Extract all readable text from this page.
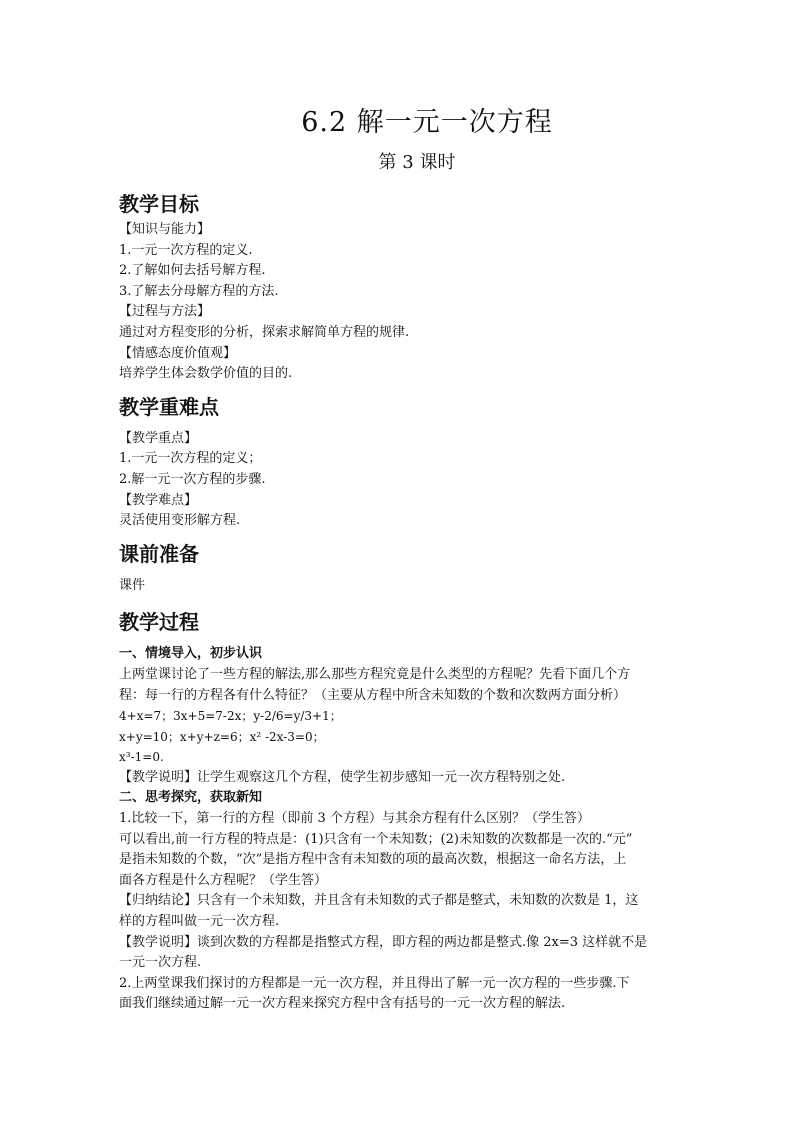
6.2 解一元一次方程
第 3 课时
教学目标
【知识与能力】
1.一元一次方程的定义.
2.了解如何去括号解方程.
3.了解去分母解方程的方法.
【过程与方法】
通过对方程变形的分析，探索求解简单方程的规律.
【情感态度价值观】
培养学生体会数学价值的目的.
教学重难点
【教学重点】
1.一元一次方程的定义；
2.解一元一次方程的步骤.
【教学难点】
灵活使用变形解方程.
课前准备
课件
教学过程
一、情境导入，初步认识
上两堂课讨论了一些方程的解法,那么那些方程究竟是什么类型的方程呢？先看下面几个方
程：每一行的方程各有什么特征？（主要从方程中所含未知数的个数和次数两方面分析）
4+x=7；3x+5=7-2x；y-2/6=y/3+1；
x+y=10；x+y+z=6；x² -2x-3=0；
x³-1=0.
【教学说明】让学生观察这几个方程，使学生初步感知一元一次方程特别之处.
二、思考探究，获取新知
1.比较一下，第一行的方程（即前 3 个方程）与其余方程有什么区别？（学生答）
可以看出,前一行方程的特点是：(1)只含有一个未知数；(2)未知数的次数都是一次的.“元”
是指未知数的个数，“次”是指方程中含有未知数的项的最高次数，根据这一命名方法，上
面各方程是什么方程呢？（学生答）
【归纳结论】只含有一个未知数，并且含有未知数的式子都是整式，未知数的次数是 1，这
样的方程叫做一元一次方程.
【教学说明】谈到次数的方程都是指整式方程，即方程的两边都是整式.像 2x=3 这样就不是
一元一次方程.
2.上两堂课我们探讨的方程都是一元一次方程，并且得出了解一元一次方程的一些步骤.下
面我们继续通过解一元一次方程来探究方程中含有括号的一元一次方程的解法.
